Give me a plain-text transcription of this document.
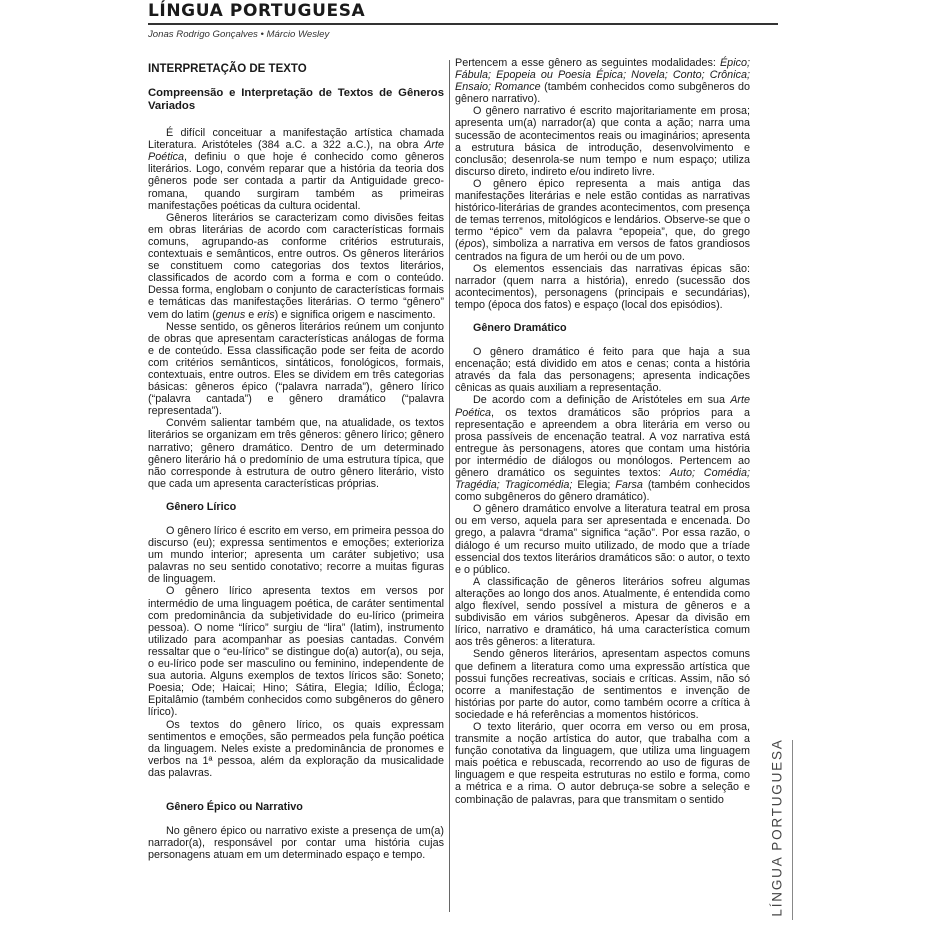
LÍNGUA PORTUGUESA
Jonas Rodrigo Gonçalves • Márcio Wesley
INTERPRETAÇÃO DE TEXTO
Compreensão e Interpretação de Textos de Gêneros Variados

É difícil conceituar a manifestação artística chamada Literatura. Aristóteles (384 a.C. a 322 a.C.), na obra Arte Poética, definiu o que hoje é conhecido como gêneros literários. Logo, convém reparar que a história da teoria dos gêneros pode ser contada a partir da Antiguidade greco-romana, quando surgiram também as primeiras manifestações poéticas da cultura ocidental.

Gêneros literários se caracterizam como divisões feitas em obras literárias de acordo com características formais comuns, agrupando-as conforme critérios estruturais, contextuais e semânticos, entre outros. Os gêneros literários se constituem como categorias dos textos literários, classificados de acordo com a forma e com o conteúdo. Dessa forma, englobam o conjunto de características formais e temáticas das manifestações literárias. O termo “gênero” vem do latim (genus e eris) e significa origem e nascimento.

Nesse sentido, os gêneros literários reúnem um conjunto de obras que apresentam características análogas de forma e de conteúdo. Essa classificação pode ser feita de acordo com critérios semânticos, sintáticos, fonológicos, formais, contextuais, entre outros. Eles se dividem em três categorias básicas: gêneros épico (“palavra narrada”), gênero lírico (“palavra cantada”) e gênero dramático (“palavra representada”).

Convém salientar também que, na atualidade, os textos literários se organizam em três gêneros: gênero lírico; gênero narrativo; gênero dramático. Dentro de um determinado gênero literário há o predomínio de uma estrutura típica, que não corresponde à estrutura de outro gênero literário, visto que cada um apresenta características próprias.

Gênero Lírico

O gênero lírico é escrito em verso, em primeira pessoa do discurso (eu); expressa sentimentos e emoções; exterioriza um mundo interior; apresenta um caráter subjetivo; usa palavras no seu sentido conotativo; recorre a muitas figuras de linguagem.

O gênero lírico apresenta textos em versos por intermédio de uma linguagem poética, de caráter sentimental com predominância da subjetividade do eu-lírico (primeira pessoa). O nome “lírico” surgiu de “lira” (latim), instrumento utilizado para acompanhar as poesias cantadas. Convém ressaltar que o “eu-lírico” se distingue do(a) autor(a), ou seja, o eu-lírico pode ser masculino ou feminino, independente de sua autoria. Alguns exemplos de textos líricos são: Soneto; Poesia; Ode; Haicai; Hino; Sátira, Elegia; Idílio, Écloga; Epitalâmio (também conhecidos como subgêneros do gênero lírico).

Os textos do gênero lírico, os quais expressam sentimentos e emoções, são permeados pela função poética da linguagem. Neles existe a predominância de pronomes e verbos na 1ª pessoa, além da exploração da musicalidade das palavras.

Gênero Épico ou Narrativo

No gênero épico ou narrativo existe a presença de um(a) narrador(a), responsável por contar uma história cujas personagens atuam em um determinado espaço e tempo.

Pertencem a esse gênero as seguintes modalidades: Épico; Fábula; Epopeia ou Poesia Épica; Novela; Conto; Crônica; Ensaio; Romance (também conhecidos como subgêneros do gênero narrativo).

O gênero narrativo é escrito majoritariamente em prosa; apresenta um(a) narrador(a) que conta a ação; narra uma sucessão de acontecimentos reais ou imaginários; apresenta a estrutura básica de introdução, desenvolvimento e conclusão; desenrola-se num tempo e num espaço; utiliza discurso direto, indireto e/ou indireto livre.

O gênero épico representa a mais antiga das manifestações literárias e nele estão contidas as narrativas histórico-literárias de grandes acontecimentos, com presença de temas terrenos, mitológicos e lendários. Observe-se que o termo “épico” vem da palavra “epopeia”, que, do grego (épos), simboliza a narrativa em versos de fatos grandiosos centrados na figura de um herói ou de um povo.

Os elementos essenciais das narrativas épicas são: narrador (quem narra a história), enredo (sucessão dos acontecimentos), personagens (principais e secundárias), tempo (época dos fatos) e espaço (local dos episódios).

Gênero Dramático

O gênero dramático é feito para que haja a sua encenação; está dividido em atos e cenas; conta a história através da fala das personagens; apresenta indicações cênicas as quais auxiliam a representação.

De acordo com a definição de Aristóteles em sua Arte Poética, os textos dramáticos são próprios para a representação e apreendem a obra literária em verso ou prosa passíveis de encenação teatral. A voz narrativa está entregue às personagens, atores que contam uma história por intermédio de diálogos ou monólogos. Pertencem ao gênero dramático os seguintes textos: Auto; Comédia; Tragédia; Tragicomédia; Elegia; Farsa (também conhecidos como subgêneros do gênero dramático).

O gênero dramático envolve a literatura teatral em prosa ou em verso, aquela para ser apresentada e encenada. Do grego, a palavra “drama” significa “ação”. Por essa razão, o diálogo é um recurso muito utilizado, de modo que a tríade essencial dos textos literários dramáticos são: o autor, o texto e o público.

A classificação de gêneros literários sofreu algumas alterações ao longo dos anos. Atualmente, é entendida como algo flexível, sendo possível a mistura de gêneros e a subdivisão em vários subgêneros. Apesar da divisão em lírico, narrativo e dramático, há uma característica comum aos três gêneros: a literatura.

Sendo gêneros literários, apresentam aspectos comuns que definem a literatura como uma expressão artística que possui funções recreativas, sociais e críticas. Assim, não só ocorre a manifestação de sentimentos e invenção de histórias por parte do autor, como também ocorre a crítica à sociedade e há referências a momentos históricos.

O texto literário, quer ocorra em verso ou em prosa, transmite a noção artística do autor, que trabalha com a função conotativa da linguagem, que utiliza uma linguagem mais poética e rebuscada, recorrendo ao uso de figuras de linguagem e que respeita estruturas no estilo e forma, como a métrica e a rima. O autor debruça-se sobre a seleção e combinação de palavras, para que transmitam o sentido	LÍNGUA PORTUGUESA
